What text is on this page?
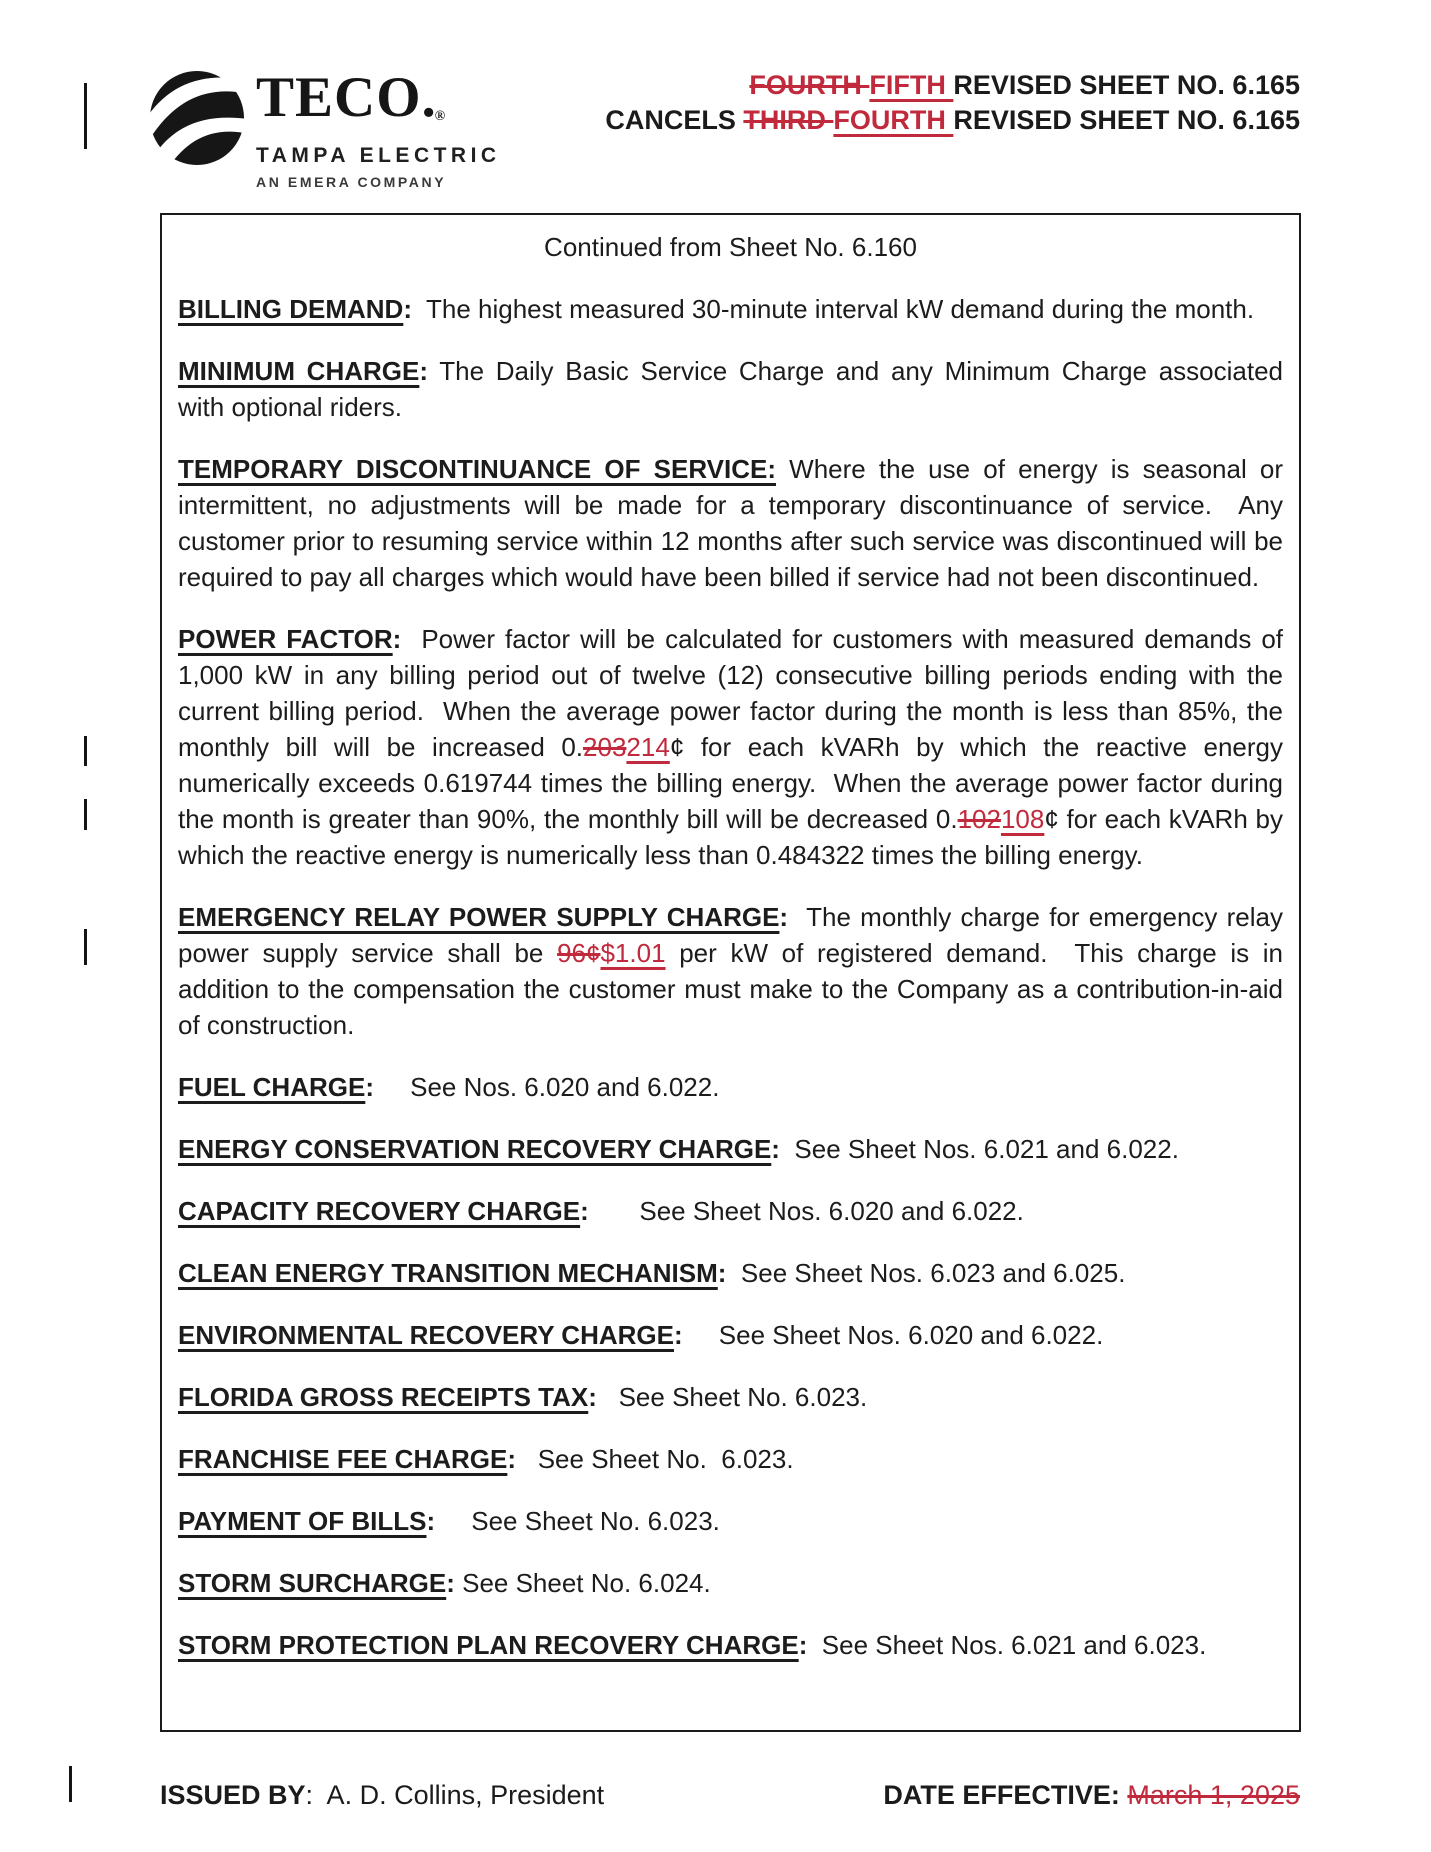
TECO.®
TAMPA ELECTRIC
AN EMERA COMPANY
FOURTH FIFTH REVISED SHEET NO. 6.165
CANCELS THIRD FOURTH REVISED SHEET NO. 6.165

Continued from Sheet No. 6.160

BILLING DEMAND:  The highest measured 30-minute interval kW demand during the month.

MINIMUM CHARGE: The Daily Basic Service Charge and any Minimum Charge associated with optional riders.

TEMPORARY DISCONTINUANCE OF SERVICE: Where the use of energy is seasonal or intermittent, no adjustments will be made for a temporary discontinuance of service.  Any customer prior to resuming service within 12 months after such service was discontinued will be required to pay all charges which would have been billed if service had not been discontinued.

POWER FACTOR:  Power factor will be calculated for customers with measured demands of 1,000 kW in any billing period out of twelve (12) consecutive billing periods ending with the current billing period.  When the average power factor during the month is less than 85%, the monthly bill will be increased 0.203214¢ for each kVARh by which the reactive energy numerically exceeds 0.619744 times the billing energy.  When the average power factor during the month is greater than 90%, the monthly bill will be decreased 0.102108¢ for each kVARh by which the reactive energy is numerically less than 0.484322 times the billing energy.

EMERGENCY RELAY POWER SUPPLY CHARGE:  The monthly charge for emergency relay power supply service shall be 96¢$1.01 per kW of registered demand.  This charge is in addition to the compensation the customer must make to the Company as a contribution-in-aid of construction.

FUEL CHARGE:     See Nos. 6.020 and 6.022.

ENERGY CONSERVATION RECOVERY CHARGE:  See Sheet Nos. 6.021 and 6.022.

CAPACITY RECOVERY CHARGE:       See Sheet Nos. 6.020 and 6.022.

CLEAN ENERGY TRANSITION MECHANISM:  See Sheet Nos. 6.023 and 6.025.

ENVIRONMENTAL RECOVERY CHARGE:     See Sheet Nos. 6.020 and 6.022.

FLORIDA GROSS RECEIPTS TAX:   See Sheet No. 6.023.

FRANCHISE FEE CHARGE:   See Sheet No.  6.023.

PAYMENT OF BILLS:     See Sheet No. 6.023.

STORM SURCHARGE: See Sheet No. 6.024.

STORM PROTECTION PLAN RECOVERY CHARGE:  See Sheet Nos. 6.021 and 6.023.

ISSUED BY:  A. D. Collins, President	DATE EFFECTIVE: March 1, 2025
